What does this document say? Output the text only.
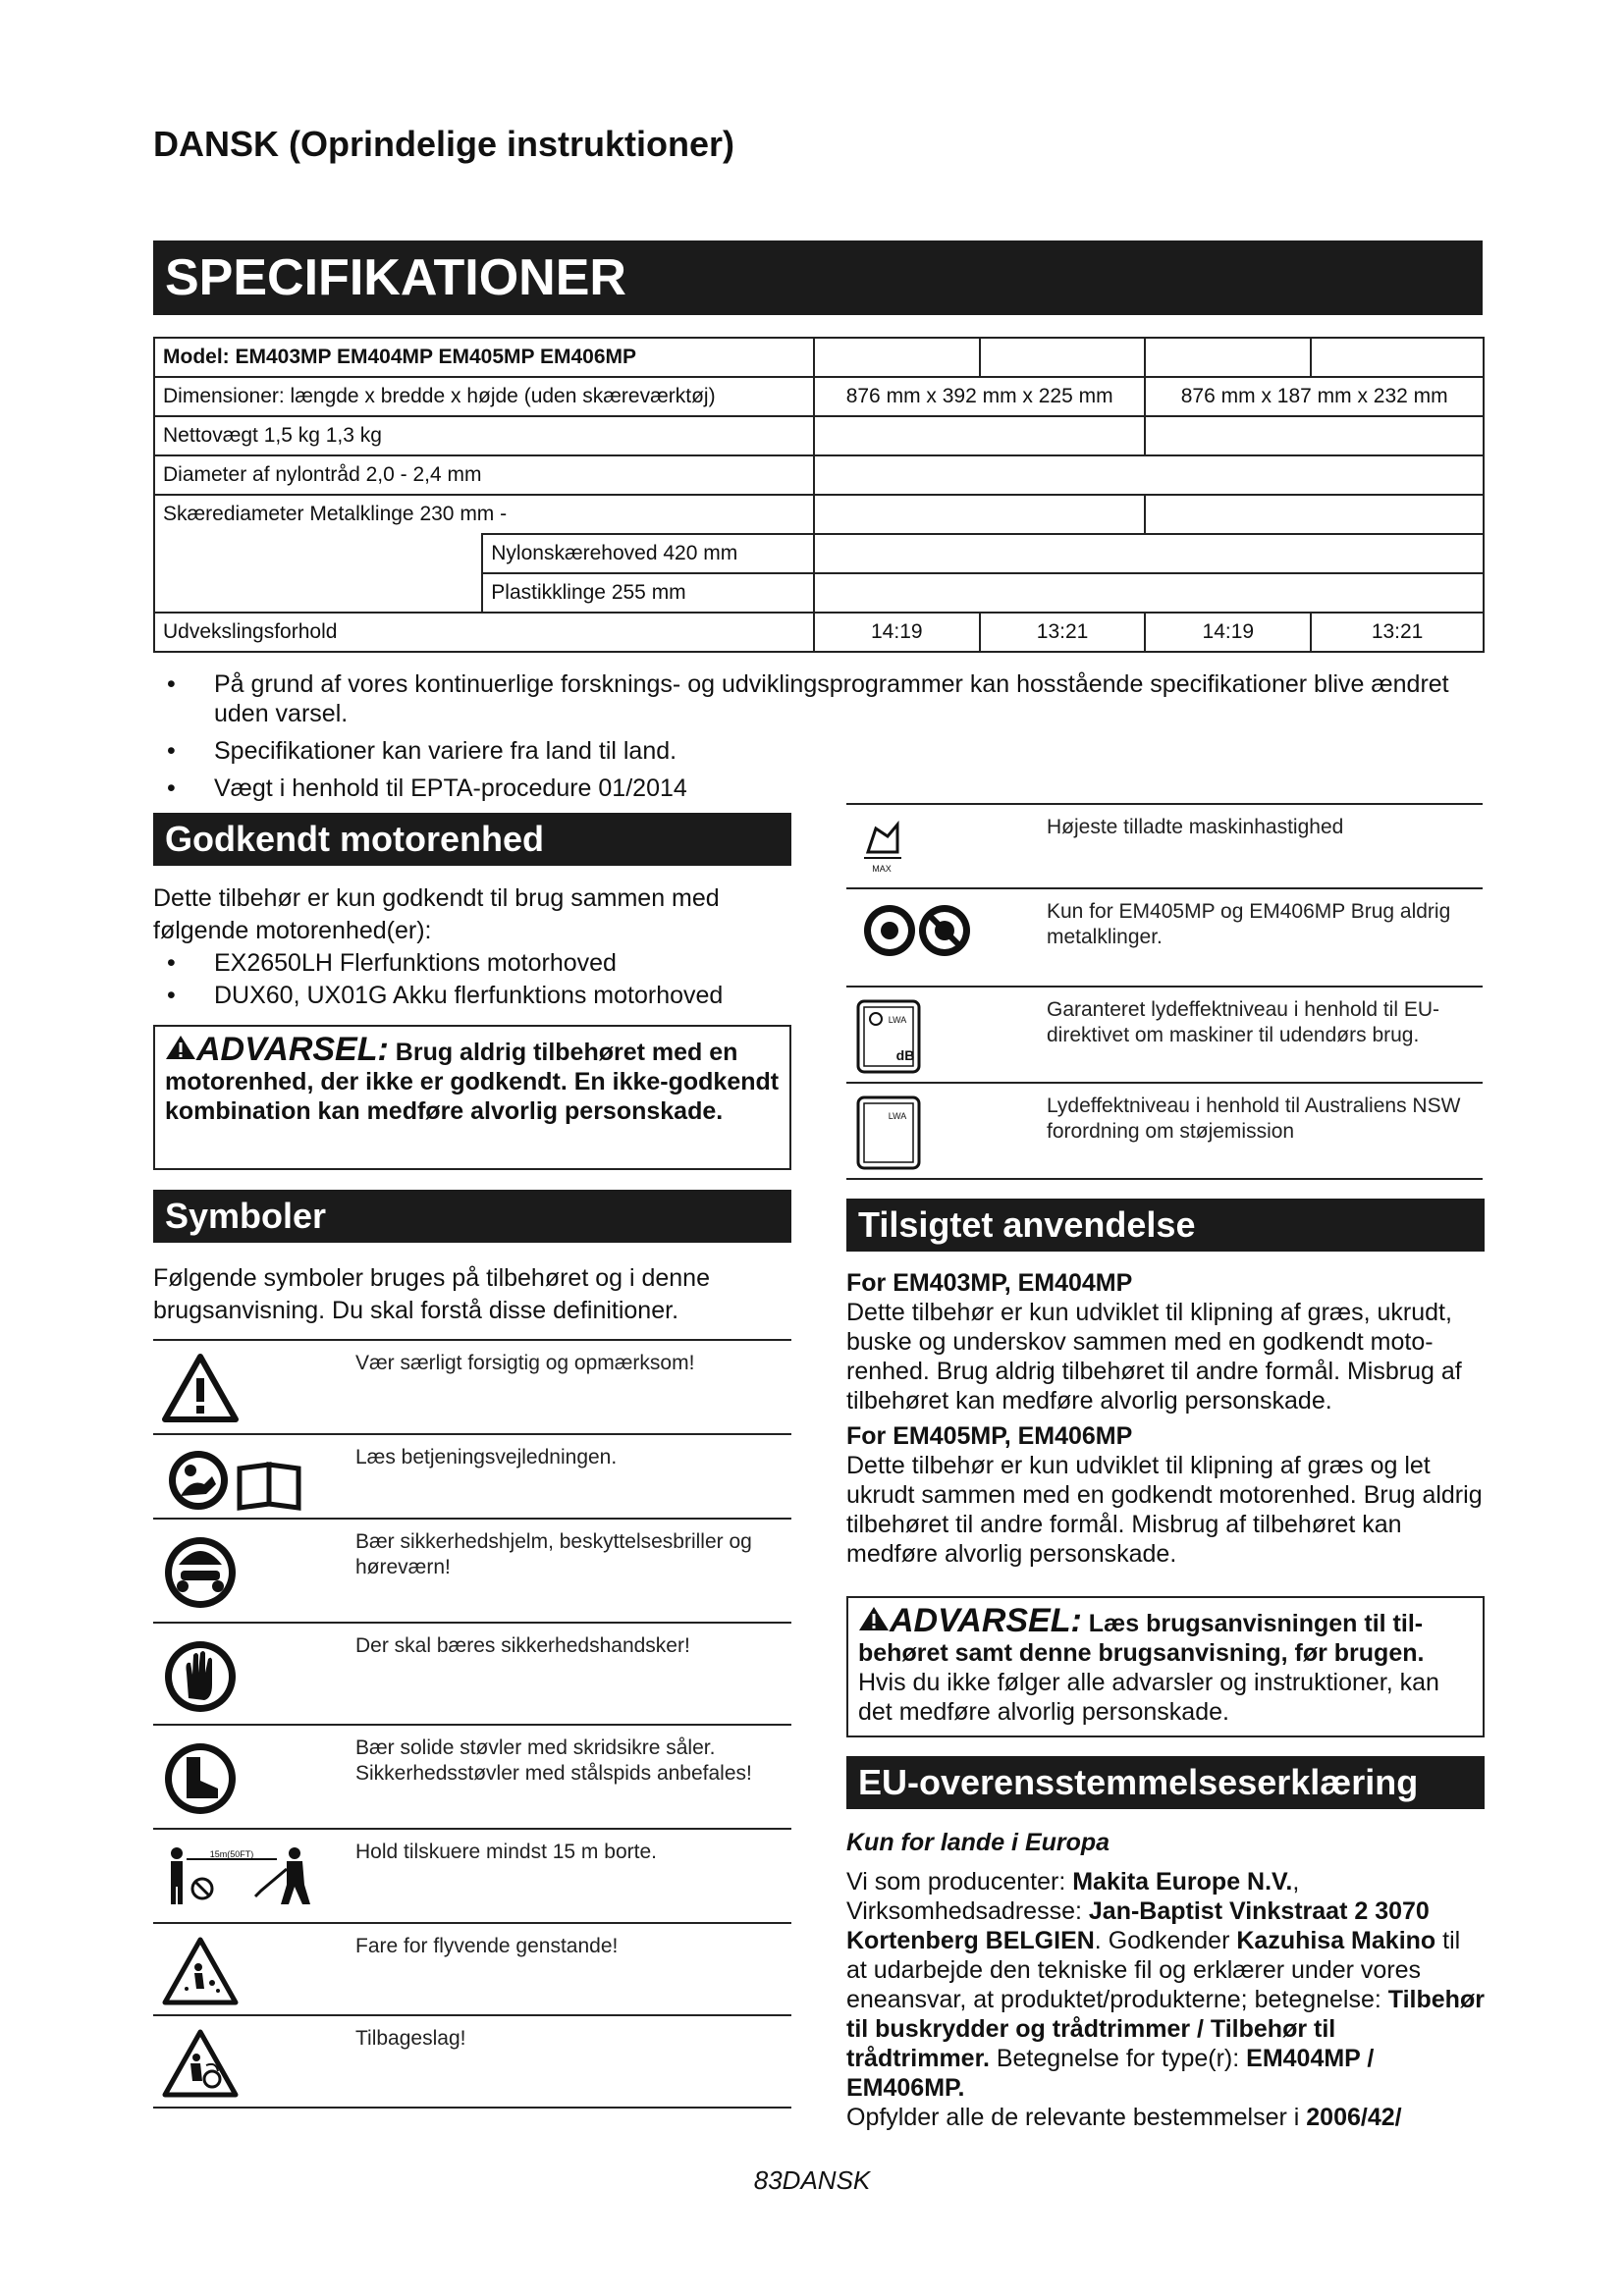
DANSK (Oprindelige instruktioner)
SPECIFIKATIONER
Model: EM403MP EM404MP EM405MP EM406MP					
Dimensioner: længde x bredde x højde (uden skæreværktøj)		876 mm x 392 mm x 225 mm		876 mm x 187 mm x 232 mm	
Nettovægt 1,5 kg 1,3 kg					
Diameter af nylontråd 2,0 - 2,4 mm					
Skærediameter Metalklinge 230 mm -					
	Nylonskærehoved 420 mm				
	Plastikklinge 255 mm				
Udvekslingsforhold		14:19	13:21	14:19	13:21
• På grund af vores kontinuerlige forsknings- og udviklingsprogrammer kan hosstående specifikationer blive ændret uden varsel.
• Specifikationer kan variere fra land til land.
• Vægt i henhold til EPTA-procedure 01/2014
Godkendt motorenhed
Dette tilbehør er kun godkendt til brug sammen med følgende motorenhed(er):
• EX2650LH Flerfunktions motorhoved
• DUX60, UX01G Akku flerfunktions motorhoved
ADVARSEL: Brug aldrig tilbehøret med en motorenhed, der ikke er godkendt. En ikke-godkendt kombination kan medføre alvorlig personskade.
Symboler
Følgende symboler bruges på tilbehøret og i denne brugsanvisning. Du skal forstå disse definitioner.
Vær særligt forsigtig og opmærksom!
Læs betjeningsvejledningen.
Bær sikkerhedshjelm, beskyttelsesbriller og høreværn!
Der skal bæres sikkerhedshandsker!
Bær solide støvler med skridsikre såler. Sikkerhedsstøvler med stålspids anbefales!
15m(50FT)	Hold tilskuere mindst 15 m borte.
Fare for flyvende genstande!
Tilbageslag!
MAX
Højeste tilladte maskinhastighed
Kun for EM405MP og EM406MP Brug aldrig metalklinger.
LWA
dB
Garanteret lydeffektniveau i henhold til EU-direktivet om maskiner til udendørs brug.
LWA	Lydeffektniveau i henhold til Australiens NSW forordning om støjemission
Tilsigtet anvendelse
For EM403MP, EM404MP
Dette tilbehør er kun udviklet til klipning af græs, ukrudt, buske og underskov sammen med en godkendt moto-renhed. Brug aldrig tilbehøret til andre formål. Misbrug af tilbehøret kan medføre alvorlig personskade.
For EM405MP, EM406MP
Dette tilbehør er kun udviklet til klipning af græs og let ukrudt sammen med en godkendt motorenhed. Brug aldrig tilbehøret til andre formål. Misbrug af tilbehøret kan medføre alvorlig personskade.
ADVARSEL: Læs brugsanvisningen til til-behøret samt denne brugsanvisning, før brugen. Hvis du ikke følger alle advarsler og instruktioner, kan det medføre alvorlig personskade.
EU-overensstemmelseserklæring
Kun for lande i Europa
Vi som producenter: Makita Europe N.V., Virksomhedsadresse: Jan-Baptist Vinkstraat 2 3070 Kortenberg BELGIEN. Godkender Kazuhisa Makino til at udarbejde den tekniske fil og erklærer under vores eneansvar, at produktet/produkterne; betegnelse: Tilbehør til buskrydder og trådtrimmer / Tilbehør til trådtrimmer. Betegnelse for type(r): EM404MP / EM406MP.
Opfylder alle de relevante bestemmelser i 2006/42/
83DANSK
